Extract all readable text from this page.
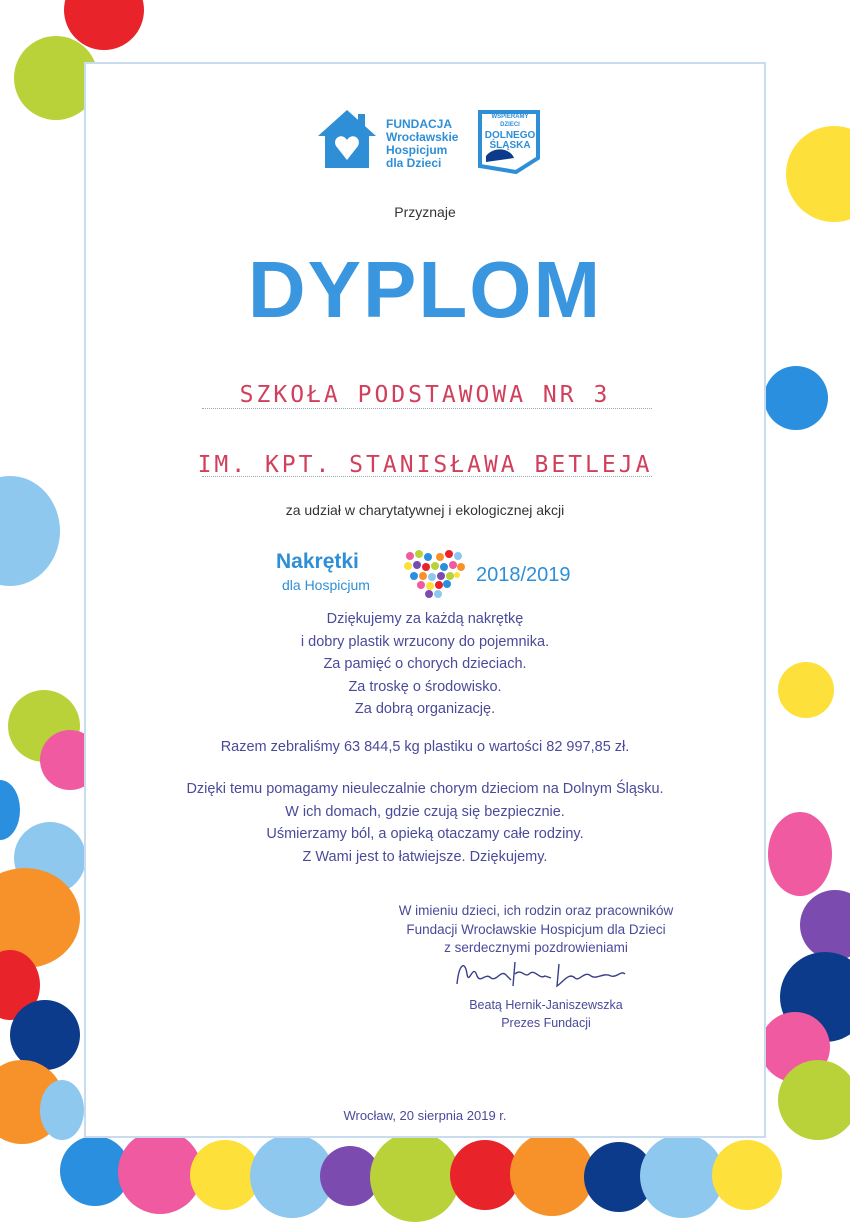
FUNDACJA
Wrocławskie
Hospicjum
dla Dzieci
WSPIERAMY
DZIECI
DOLNEGO
ŚLĄSKA
Przyznaje
DYPLOM
SZKOŁA PODSTAWOWA NR 3
IM. KPT. STANISŁAWA BETLEJA
za udział w charytatywnej i ekologicznej akcji
Nakrętki
dla Hospicjum	2018/2019
Dziękujemy za każdą nakrętkę
i dobry plastik wrzucony do pojemnika.
Za pamięć o chorych dzieciach.
Za troskę o środowisko.
Za dobrą organizację.
Razem zebraliśmy 63 844,5 kg plastiku o wartości 82 997,85 zł.
Dzięki temu pomagamy nieuleczalnie chorym dzieciom na Dolnym Śląsku.
W ich domach, gdzie czują się bezpiecznie.
Uśmierzamy ból, a opieką otaczamy całe rodziny.
Z Wami jest to łatwiejsze. Dziękujemy.
W imieniu dzieci, ich rodzin oraz pracowników
Fundacji Wrocławskie Hospicjum dla Dzieci
z serdecznymi pozdrowieniami
Beatą Hernik-Janiszewszka
Prezes Fundacji
Wrocław, 20 sierpnia 2019 r.
